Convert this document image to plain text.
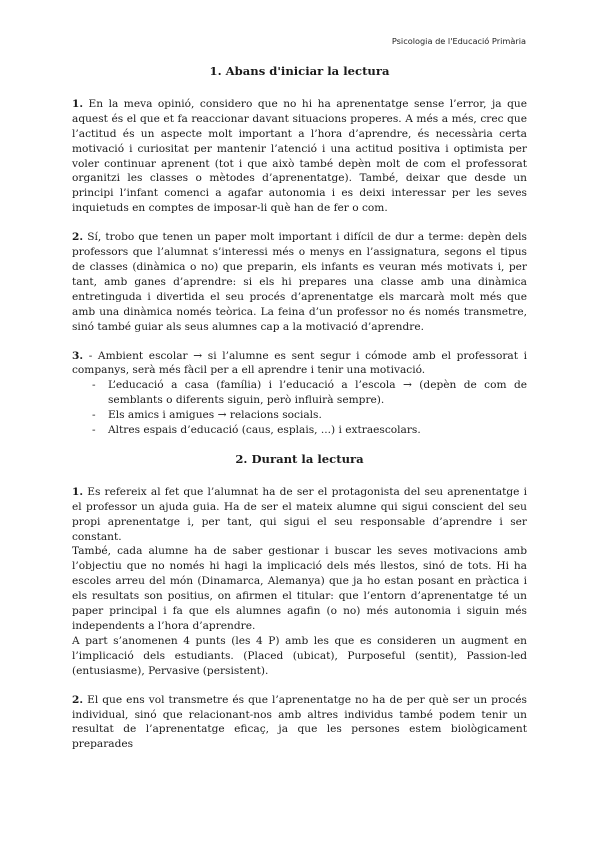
Psicologia de l'Educació Primària
1. Abans d'iniciar la lectura

1. En la meva opinió, considero que no hi ha aprenentatge sense l’error, ja que aquest és el que et fa reaccionar davant situacions properes. A més a més, crec que l’actitud és un aspecte molt important a l’hora d’aprendre, és necessària certa motivació i curiositat per mantenir l’atenció i una actitud positiva i optimista per voler continuar aprenent (tot i que això també depèn molt de com el professorat organitzi les classes o mètodes d’aprenentatge). També, deixar que desde un principi l’infant comenci a agafar autonomia i es deixi interessar per les seves inquietuds en comptes de imposar-li què han de fer o com.

2. Sí, trobo que tenen un paper molt important i difícil de dur a terme: depèn dels professors que l’alumnat s’interessi més o menys en l’assignatura, segons el tipus de classes (dinàmica o no) que preparin, els infants es veuran més motivats i, per tant, amb ganes d’aprendre: si els hi prepares una classe amb una dinàmica entretinguda i divertida el seu procés d’aprenentatge els marcarà molt més que amb una dinàmica només teòrica. La feina d’un professor no és només transmetre, sinó també guiar als seus alumnes cap a la motivació d’aprendre.

3. - Ambient escolar → si l’alumne es sent segur i cómode amb el professorat i companys, serà més fàcil per a ell aprendre i tenir una motivació.

- L’educació a casa (família) i l’educació a l’escola → (depèn de com de semblants o diferents siguin, però influirà sempre).
- Els amics i amigues → relacions socials.
- Altres espais d’educació (caus, esplais, ...) i extraescolars.
2. Durant la lectura

1. Es refereix al fet que l’alumnat ha de ser el protagonista del seu aprenentatge i el professor un ajuda guia. Ha de ser el mateix alumne qui sigui conscient del seu propi aprenentatge i, per tant, qui sigui el seu responsable d’aprendre i ser constant.

També, cada alumne ha de saber gestionar i buscar les seves motivacions amb l’objectiu que no només hi hagi la implicació dels més llestos, sinó de tots. Hi ha escoles arreu del món (Dinamarca, Alemanya) que ja ho estan posant en pràctica i els resultats son positius, on afirmen el titular: que l’entorn d’aprenentatge té un paper principal i fa que els alumnes agafin (o no) més autonomia i siguin més independents a l’hora d’aprendre.

A part s’anomenen 4 punts (les 4 P) amb les que es consideren un augment en l’implicació dels estudiants. (Placed (ubicat), Purposeful (sentit), Passion-led (entusiasme), Pervasive (persistent).

2. El que ens vol transmetre és que l’aprenentatge no ha de per què ser un procés individual, sinó que relacionant-nos amb altres individus també podem tenir un resultat de l’aprenentatge eficaç, ja que les persones estem biològicament preparades
